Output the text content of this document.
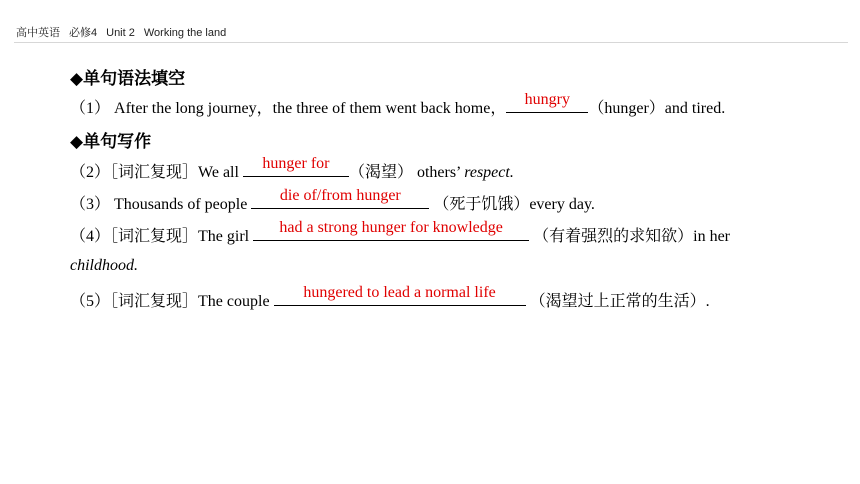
高中英语 必修4 Unit 2 Working the land
◆单句语法填空
（1） After the long journey，the three of them went back home，
hungry
（hunger）and tired.
◆单句写作
（2）［词汇复现］We all
hunger for
（渴望） others’ respect.
（3） Thousands of people
die of/from hunger
（死于饥饿）every day.
（4）［词汇复现］The girl
had a strong hunger for knowledge
（有着强烈的求知欲）in her
childhood.
（5）［词汇复现］The couple
hungered to lead a normal life
（渴望过上正常的生活）.
